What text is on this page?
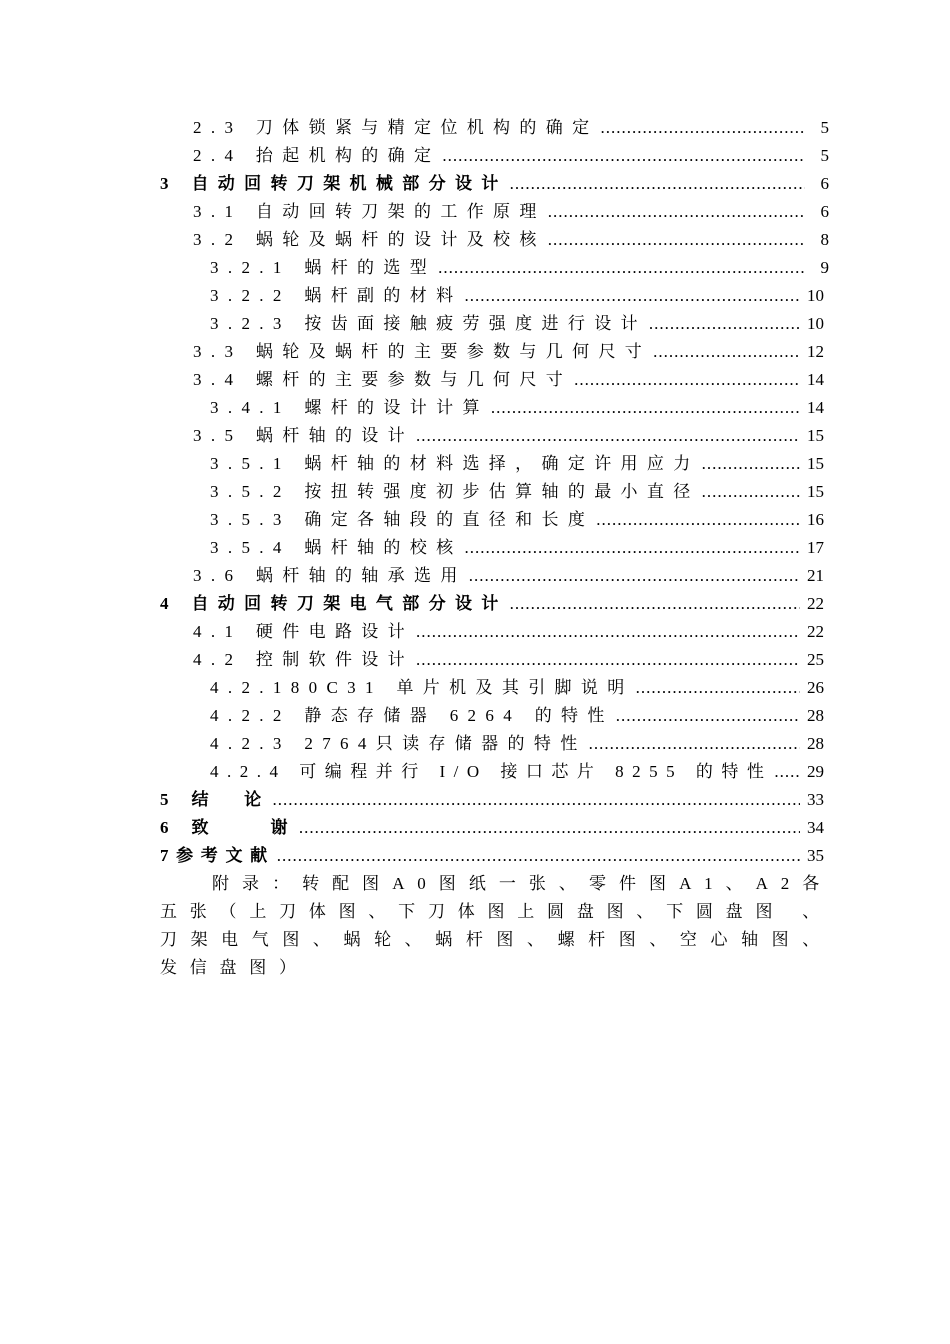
2.3 刀体锁紧与精定位机构的确定 .....	5
2.4 抬起机构的确定 .....	5
3 自动回转刀架机械部分设计 .....	6
3.1 自动回转刀架的工作原理 .....	6
3.2 蜗轮及蜗杆的设计及校核 .....	8
3.2.1 蜗杆的选型 .....	9
3.2.2 蜗杆副的材料 .....	10
3.2.3 按齿面接触疲劳强度进行设计 .....	10
3.3 蜗轮及蜗杆的主要参数与几何尺寸 .....	12
3.4 螺杆的主要参数与几何尺寸 .....	14
3.4.1 螺杆的设计计算 .....	14
3.5 蜗杆轴的设计 .....	15
3.5.1 蜗杆轴的材料选择，确定许用应力 .....	15
3.5.2 按扭转强度初步估算轴的最小直径 .....	15
3.5.3 确定各轴段的直径和长度 .....	16
3.5.4 蜗杆轴的校核 .....	17
3.6 蜗杆轴的轴承选用 .....	21
4 自动回转刀架电气部分设计 .....	22
4.1 硬件电路设计 .....	22
4.2 控制软件设计 .....	25
4.2.180C31 单片机及其引脚说明 .....	26
4.2.2 静态存储器 6264 的特性 .....	28
4.2.3 2764只读存储器的特性 .....	28
4.2.4 可编程并行 I/O 接口芯片 8255 的特性 ..... 29
5 结　论 .....	33
6 致　　谢 .....	34
7参考文献 .....	35
附录：转配图A0图纸一张、零件图A1、A2各五张（上刀体图、下刀体图上圆盘图、下圆盘图 、刀架电气图、蜗轮、蜗杆图、螺杆图、空心轴图、发信盘图）
